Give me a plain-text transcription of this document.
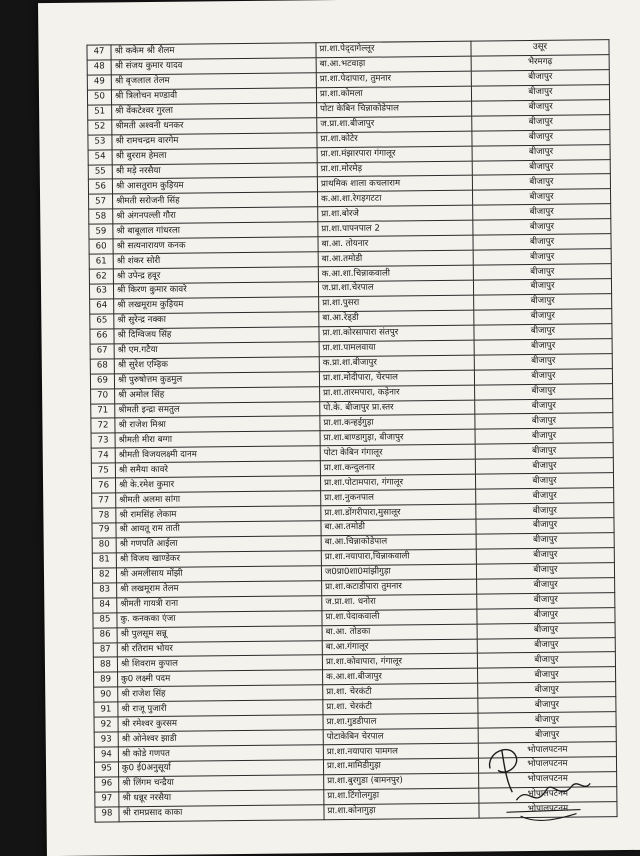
47	श्री ककेम श्री शैलम	प्रा.शा.पेद्‌दागेल्लूर	उसूर
48	श्री संजय कुमार यादव	बा.आ.भटवाड़ा	भैरमगढ़
49	श्री बृजलाल तेलम	प्रा.शा.पेदापारा, तुमनार	बीजापुर
50	श्री त्रिलोचन मण्डावी	प्रा.शा.कोमला	बीजापुर
51	श्री वेंकटेश्वर गुरला	पोटा केबिन चिन्नाकोडेपाल	बीजापुर
52	श्रीमती अश्वनी धनकर	ज.प्रा.शा.बीजापुर	बीजापुर
53	श्री रामचन्द्रम वारगेम	प्रा.शा.कोटेर	बीजापुर
54	श्री बुरराम हेमला	प्रा.शा.मंझारपारा गंगालूर	बीजापुर
55	श्री मड़े नरसैया	प्रा.शा.मोरमेड़	बीजापुर
56	श्री आसतुराम कुड़ियम	प्राथमिक शाला कचलाराम	बीजापुर
57	श्रीमती सरोजनी सिंह	क.आ.शा.रेगड़गटटा	बीजापुर
58	श्री अंगनपल्ली गौरा	प्रा.शा.बोरजे	बीजापुर
59	श्री बाबूलाल गांधरला	प्रा.शा.पापनपाल 2	बीजापुर
60	श्री सत्यनारायण कनक	बा.आ. तोयनार	बीजापुर
61	श्री शंकर सोरी	बा.आ.तमोडी	बीजापुर
62	श्री उपेन्द्र हवूर	क.आ.शा.चिन्नाकवाली	बीजापुर
63	श्री किरण कुमार कावरे	ज.प्रा.शा.चेरपाल	बीजापुर
64	श्री लखमूराम कुड़ियम	प्रा.शा.पुसरा	बीजापुर
65	श्री सुरेन्द्र नक्का	बा.आ.रेड्‌डी	बीजापुर
66	श्री दिग्विजय सिंह	प्रा.शा.कोरसापारा संतपुर	बीजापुर
67	श्री एम.गटैया	प्रा.शा.पामलवाया	बीजापुर
68	श्री सुरेश एम्ड़िक	क.प्रा.शा.बीजापुर	बीजापुर
69	श्री पुरुषोत्तम कुडमुल	प्रा.शा.मोदीपारा, चेरपाल	बीजापुर
70	श्री अमोल सिंह	प्रा.शा.तारमपारा, कड़ेनार	बीजापुर
71	श्रीमती इन्द्रा समतुल	पो.के. बीजापुर प्रा.स्तर	बीजापुर
72	श्री राजेश मिश्रा	प्रा.शा.कन्हईगुड़ा	बीजापुर
73	श्रीमती मीरा बग्गा	प्रा.शा.बाण्डागुड़ा, बीजापुर	बीजापुर
74	श्रीमती विजयलक्ष्मी दानम	पोटा केबिन गंगालूर	बीजापुर
75	श्री समैया कावरे	प्रा.शा.कन्दुलनार	बीजापुर
76	श्री के.रमेश कुमार	प्रा.शा.पोटामपारा, गंगालूर	बीजापुर
77	श्रीमती अलमा सांगा	प्रा.शा.नुकनपाल	बीजापुर
78	श्री रामसिंह लेकाम	प्रा.शा.डोंगरीपारा,मुसालूर	बीजापुर
79	श्री आयतू राम ताती	बा.आ.तमोडी	बीजापुर
80	श्री गणपति आईला	बा.आ.चिन्नाकोडेपाल	बीजापुर
81	श्री विजय खाण्डेकर	प्रा.शा.नयापारा,चिन्नाकवाली	बीजापुर
82	श्री अमलीसाय मोंझी	ज0प्रा0शा0मांझीगुड़ा	बीजापुर
83	श्री लखमूराम तेलम	प्रा.शा.कटाडीपारा तुमनार	बीजापुर
84	श्रीमती गायत्री राना	ज.प्रा.शा. धनोरा	बीजापुर
85	कु. कनकका एंजा	प्रा.शा.पेदाकवाली	बीजापुर
86	श्री पुलसूम सन्नू	बा.आ. तोडका	बीजापुर
87	श्री रतिराम भोयर	बा.आ.गंगालूर	बीजापुर
88	श्री शिवराम कुपाल	प्रा.शा.कोवापारा, गंगालूर	बीजापुर
89	कु0 लक्ष्मी पदम	क.आ.शा.बीजापुर	बीजापुर
90	श्री राजेश सिंह	प्रा.शा. चेरकंटी	बीजापुर
91	श्री राजू पुजारी	प्रा.शा. चेरकंटी	बीजापुर
92	श्री रमेश्वर कुरसम	प्रा.शा.गुडडीपाल	बीजापुर
93	श्री ओनेश्वर झाडी	पोटाकेबिन चेरपाल	बीजापुर
94	श्री कोडे गणपत	प्रा.शा.नयापारा पामगल	भोपालपटनम
95	कु0 ई0अनुसूर्या	प्रा.शा.मामिडीगुड़ा	भोपालपटनम
96	श्री लिंगम चन्द्रैया	प्रा.शा.बुरगुडा (बामनपुर)	भोपालपटनम
97	श्री धन्नूर नरसैया	प्रा.शा.टिंगोलगुड़ा	भोपालपटनम
98	श्री रामप्रसाद काका	प्रा.शा.कोनागुड़ा	भोपालपटनम
